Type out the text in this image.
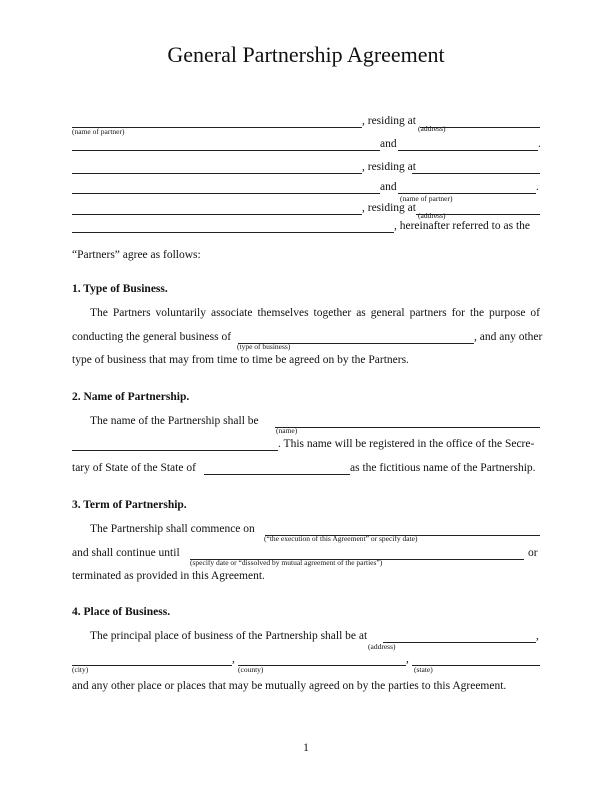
General Partnership Agreement
, residing at
(name of partner)	(address)
and	.
, residing at
and	.
(name of partner)
, residing at
(address)
, hereinafter referred to as the
“Partners” agree as follows:
1. Type of Business.
The Partners voluntarily associate themselves together as general partners for the purpose of
conducting the general business of	, and any other
(type of business)
type of business that may from time to time be agreed on by the Partners.
2. Name of Partnership.
The name of the Partnership shall be
(name)
. This name will be registered in the office of the Secre-
tary of State of the State of	as the fictitious name of the Partnership.
3. Term of Partnership.
The Partnership shall commence on
(“the execution of this Agreement” or specify date)
and shall continue until	or
(specify date or “dissolved by mutual agreement of the parties”)
terminated as provided in this Agreement.
4. Place of Business.
The principal place of business of the Partnership shall be at	,
(address)
,	,
(city)	(county)	(state)
and any other place or places that may be mutually agreed on by the parties to this Agreement.
1
